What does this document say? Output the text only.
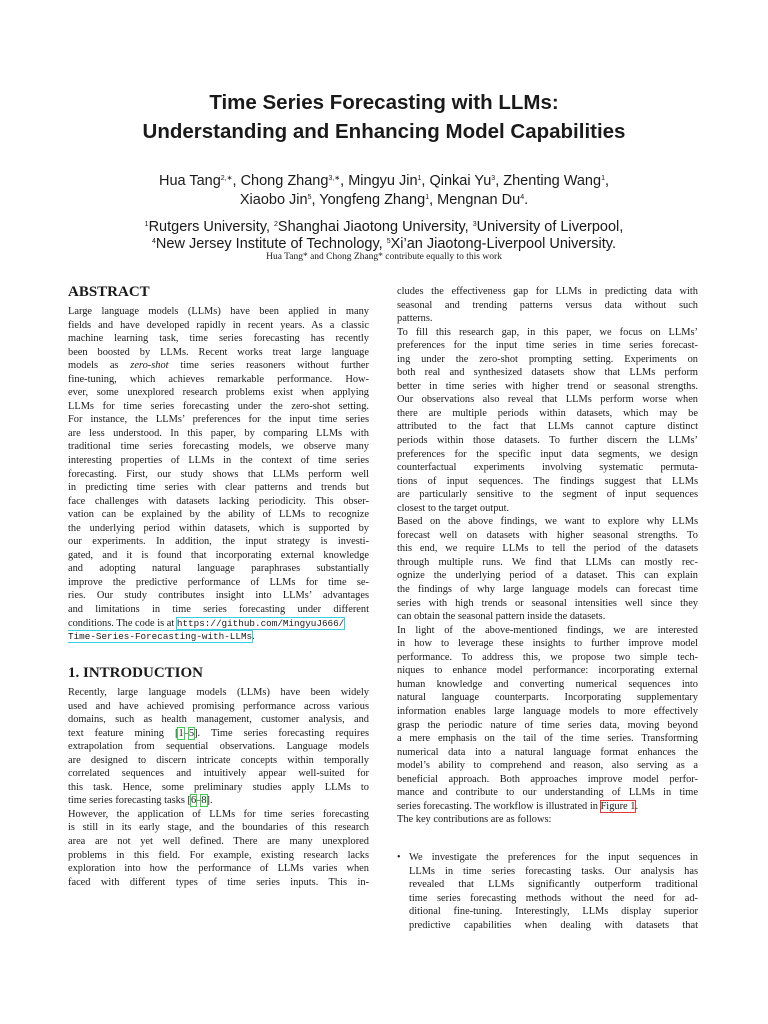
Time Series Forecasting with LLMs:
Understanding and Enhancing Model Capabilities
Hua Tang$^{2,∗}$, Chong Zhang$^{3,∗}$, Mingyu Jin$^1$, Qinkai Yu$^3$, Zhenting Wang$^1$,
Xiaobo Jin$^5$, Yongfeng Zhang$^1$, Mengnan Du$^4$.
$^1$Rutgers University, $^2$Shanghai Jiaotong University, $^3$University of Liverpool,
$^4$New Jersey Institute of Technology, $^5$Xi’an Jiaotong-Liverpool University.
Hua Tang* and Chong Zhang* contribute equally to this work
ABSTRACT
Large language models (LLMs) have been applied in many
fields and have developed rapidly in recent years. As a classic
machine learning task, time series forecasting has recently
been boosted by LLMs. Recent works treat large language
models as zero-shot time series reasoners without further
fine-tuning, which achieves remarkable performance. How-
ever, some unexplored research problems exist when applying
LLMs for time series forecasting under the zero-shot setting.
For instance, the LLMs’ preferences for the input time series
are less understood. In this paper, by comparing LLMs with
traditional time series forecasting models, we observe many
interesting properties of LLMs in the context of time series
forecasting. First, our study shows that LLMs perform well
in predicting time series with clear patterns and trends but
face challenges with datasets lacking periodicity. This obser-
vation can be explained by the ability of LLMs to recognize
the underlying period within datasets, which is supported by
our experiments. In addition, the input strategy is investi-
gated, and it is found that incorporating external knowledge
and adopting natural language paraphrases substantially
improve the predictive performance of LLMs for time se-
ries. Our study contributes insight into LLMs’ advantages
and limitations in time series forecasting under different
conditions. The code is at https://github.com/MingyuJ666/
Time-Series-Forecasting-with-LLMs.
1. INTRODUCTION
Recently, large language models (LLMs) have been widely
used and have achieved promising performance across various
domains, such as health management, customer analysis, and
text feature mining [1–5]. Time series forecasting requires
extrapolation from sequential observations. Language models
are designed to discern intricate concepts within temporally
correlated sequences and intuitively appear well-suited for
this task. Hence, some preliminary studies apply LLMs to
time series forecasting tasks [6–8].
However, the application of LLMs for time series forecasting
is still in its early stage, and the boundaries of this research
area are not yet well defined. There are many unexplored
problems in this field. For example, existing research lacks
exploration into how the performance of LLMs varies when
faced with different types of time series inputs. This in-
cludes the effectiveness gap for LLMs in predicting data with
seasonal and trending patterns versus data without such
patterns.
To fill this research gap, in this paper, we focus on LLMs’
preferences for the input time series in time series forecast-
ing under the zero-shot prompting setting. Experiments on
both real and synthesized datasets show that LLMs perform
better in time series with higher trend or seasonal strengths.
Our observations also reveal that LLMs perform worse when
there are multiple periods within datasets, which may be
attributed to the fact that LLMs cannot capture distinct
periods within those datasets. To further discern the LLMs’
preferences for the specific input data segments, we design
counterfactual experiments involving systematic permuta-
tions of input sequences. The findings suggest that LLMs
are particularly sensitive to the segment of input sequences
closest to the target output.
Based on the above findings, we want to explore why LLMs
forecast well on datasets with higher seasonal strengths. To
this end, we require LLMs to tell the period of the datasets
through multiple runs. We find that LLMs can mostly rec-
ognize the underlying period of a dataset. This can explain
the findings of why large language models can forecast time
series with high trends or seasonal intensities well since they
can obtain the seasonal pattern inside the datasets.
In light of the above-mentioned findings, we are interested
in how to leverage these insights to further improve model
performance. To address this, we propose two simple tech-
niques to enhance model performance: incorporating external
human knowledge and converting numerical sequences into
natural language counterparts. Incorporating supplementary
information enables large language models to more effectively
grasp the periodic nature of time series data, moving beyond
a mere emphasis on the tail of the time series. Transforming
numerical data into a natural language format enhances the
model’s ability to comprehend and reason, also serving as a
beneficial approach. Both approaches improve model perfor-
mance and contribute to our understanding of LLMs in time
series forecasting. The workflow is illustrated in Figure 1.
The key contributions are as follows:
• We investigate the preferences for the input sequences in
LLMs in time series forecasting tasks. Our analysis has
revealed that LLMs significantly outperform traditional
time series forecasting methods without the need for ad-
ditional fine-tuning. Interestingly, LLMs display superior
predictive capabilities when dealing with datasets that
